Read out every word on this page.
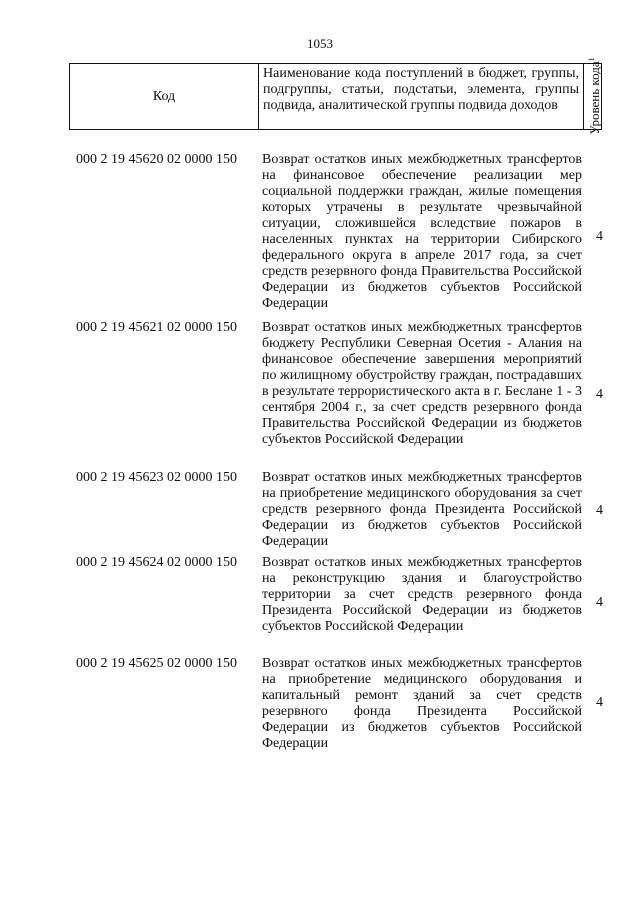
1053
Код
Наименование кода поступлений в бюджет, группы, подгруппы, статьи, подстатьи, элемента, группы подвида, аналитической группы подвида доходов	Уровень кода$^1$
000 2 19 45620 02 0000 150 Возврат остатков иных межбюджетных трансфертов на финансовое обеспечение реализации мер социальной поддержки граждан, жилые помещения которых утрачены в результате чрезвычайной ситуации, сложившейся вследствие пожаров в населенных пунктах на территории Сибирского федерального округа в апреле 2017 года, за счет средств резервного фонда Правительства Российской Федерации из бюджетов субъектов Российской Федерации
4
000 2 19 45621 02 0000 150 Возврат остатков иных межбюджетных трансфертов бюджету Республики Северная Осетия - Алания на финансовое обеспечение завершения мероприятий по жилищному обустройству граждан, пострадавших в результате террористического акта в г. Беслане 1 - 3 сентября 2004 г., за счет средств резервного фонда Правительства Российской Федерации из бюджетов субъектов Российской Федерации
4
000 2 19 45623 02 0000 150 Возврат остатков иных межбюджетных трансфертов на приобретение медицинского оборудования за счет средств резервного фонда Президента Российской Федерации из бюджетов субъектов Российской Федерации
4
000 2 19 45624 02 0000 150 Возврат остатков иных межбюджетных трансфертов на реконструкцию здания и благоустройство территории за счет средств резервного фонда Президента Российской Федерации из бюджетов субъектов Российской Федерации
4
000 2 19 45625 02 0000 150 Возврат остатков иных межбюджетных трансфертов на приобретение медицинского оборудования и капитальный ремонт зданий за счет средств резервного фонда Президента Российской Федерации из бюджетов субъектов Российской Федерации
4
